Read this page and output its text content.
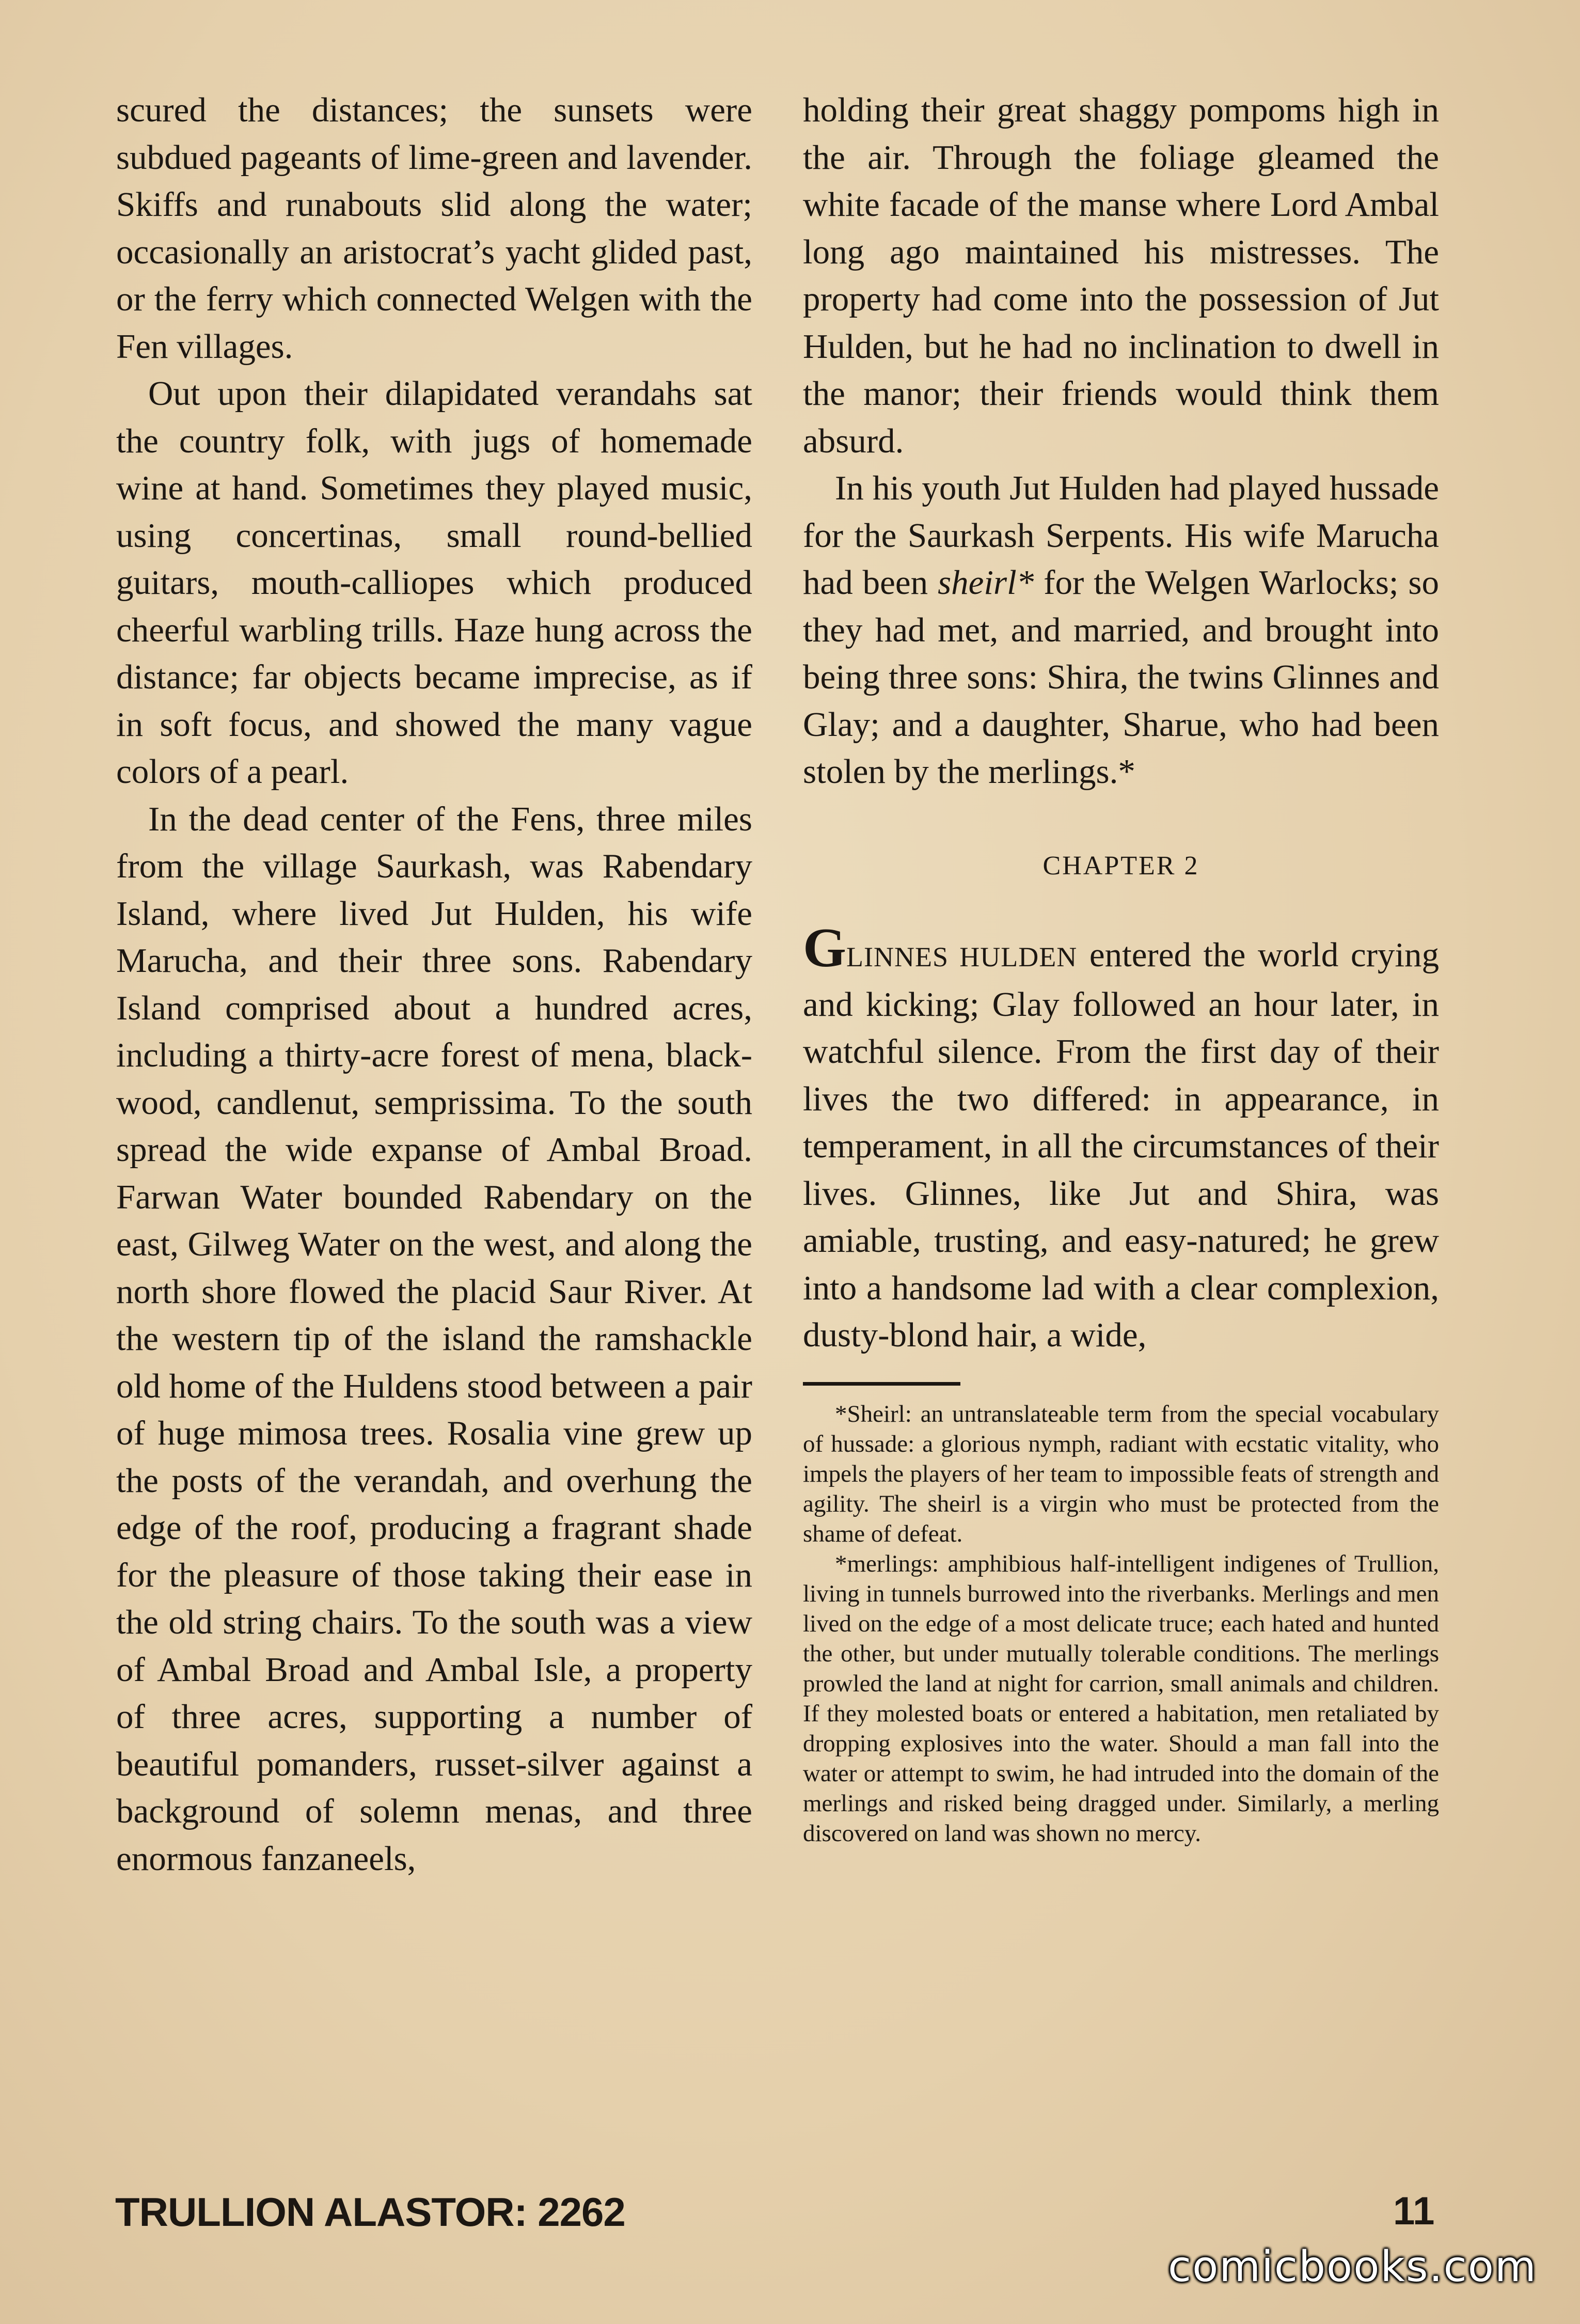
scured the distances; the sunsets were subdued pageants of lime-green and lavender. Skiffs and runabouts slid along the water; occasionally an aristocrat’s yacht glided past, or the ferry which connected Welgen with the Fen villages.

Out upon their dilapidated verandahs sat the country folk, with jugs of homemade wine at hand. Sometimes they played music, using concertinas, small round-bellied guitars, mouth-calliopes which produced cheerful warbling trills. Haze hung across the distance; far objects became imprecise, as if in soft focus, and showed the many vague colors of a pearl.

In the dead center of the Fens, three miles from the village Saurkash, was Rabendary Island, where lived Jut Hulden, his wife Marucha, and their three sons. Rabendary Island comprised about a hundred acres, including a thirty-acre forest of mena, blackwood, candlenut, semprissima. To the south spread the wide expanse of Ambal Broad. Farwan Water bounded Rabendary on the east, Gilweg Water on the west, and along the north shore flowed the placid Saur River. At the western tip of the island the ramshackle old home of the Huldens stood between a pair of huge mimosa trees. Rosalia vine grew up the posts of the verandah, and overhung the edge of the roof, producing a fragrant shade for the pleasure of those taking their ease in the old string chairs. To the south was a view of Ambal Broad and Ambal Isle, a property of three acres, supporting a number of beautiful pomanders, russet-silver against a background of solemn menas, and three enormous fanzaneels,

holding their great shaggy pompoms high in the air. Through the foliage gleamed the white facade of the manse where Lord Ambal long ago maintained his mistresses. The property had come into the possession of Jut Hulden, but he had no inclination to dwell in the manor; their friends would think them absurd.

In his youth Jut Hulden had played hussade for the Saurkash Serpents. His wife Marucha had been sheirl* for the Welgen Warlocks; so they had met, and married, and brought into being three sons: Shira, the twins Glinnes and Glay; and a daughter, Sharue, who had been stolen by the merlings.*

CHAPTER 2

GLINNES HULDEN entered the world crying and kicking; Glay followed an hour later, in watchful silence. From the first day of their lives the two differed: in appearance, in temperament, in all the circumstances of their lives. Glinnes, like Jut and Shira, was amiable, trusting, and easy-natured; he grew into a handsome lad with a clear complexion, dusty-blond hair, a wide,

*Sheirl: an untranslateable term from the special vocabulary of hussade: a glorious nymph, radiant with ecstatic vitality, who impels the players of her team to impossible feats of strength and agility. The sheirl is a virgin who must be protected from the shame of defeat.

*merlings: amphibious half-intelligent indigenes of Trullion, living in tunnels burrowed into the riverbanks. Merlings and men lived on the edge of a most delicate truce; each hated and hunted the other, but under mutually tolerable conditions. The merlings prowled the land at night for carrion, small animals and children. If they molested boats or entered a habitation, men retaliated by dropping explosives into the water. Should a man fall into the water or attempt to swim, he had intruded into the domain of the merlings and risked being dragged under. Similarly, a merling discovered on land was shown no mercy.

TRULLION ALASTOR: 2262	11
comicbooks.com
